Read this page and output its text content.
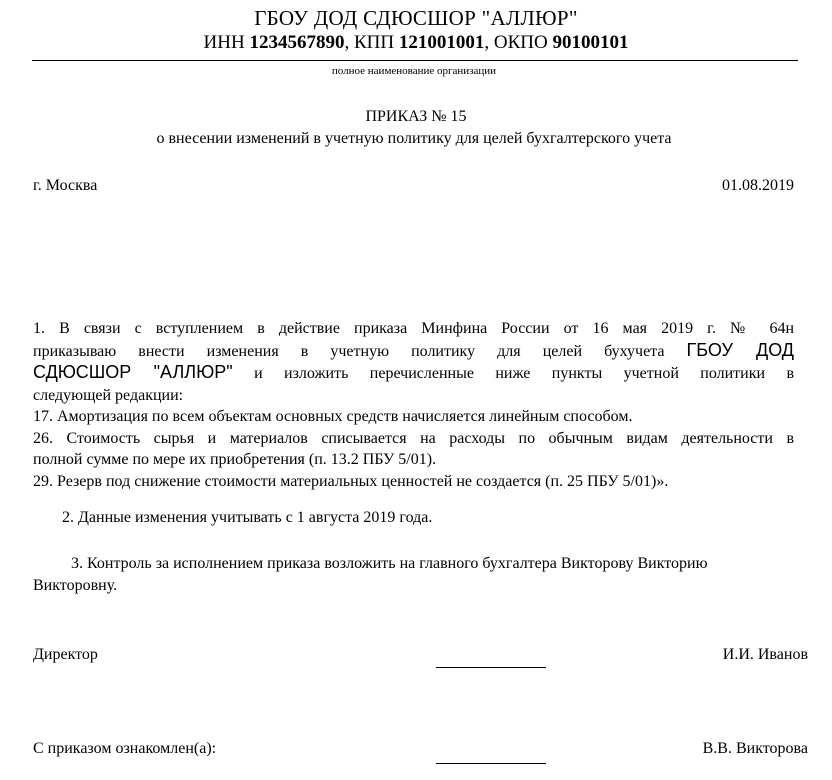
ГБОУ ДОД СДЮСШОР "АЛЛЮР"
ИНН 1234567890, КПП 121001001, ОКПО 90100101
полное наименование организации
ПРИКАЗ № 15
о внесении изменений в учетную политику для целей бухгалтерского учета
г. Москва	01.08.2019
1. В связи с вступлением в действие приказа Минфина России от 16 мая 2019 г. № 64н
приказываю внести изменения в учетную политику для целей бухучета ГБОУ ДОД
СДЮСШОР "АЛЛЮР" и изложить перечисленные ниже пункты учетной политики в
следующей редакции:
17. Амортизация по всем объектам основных средств начисляется линейным способом.
26. Стоимость сырья и материалов списывается на расходы по обычным видам деятельности в
полной сумме по мере их приобретения (п. 13.2 ПБУ 5/01).
29. Резерв под снижение стоимости материальных ценностей не создается (п. 25 ПБУ 5/01)».
2. Данные изменения учитывать с 1 августа 2019 года.
3. Контроль за исполнением приказа возложить на главного бухгалтера Викторову Викторию
Викторовну.
Директор	И.И. Иванов
С приказом ознакомлен(а):	В.В. Викторова
